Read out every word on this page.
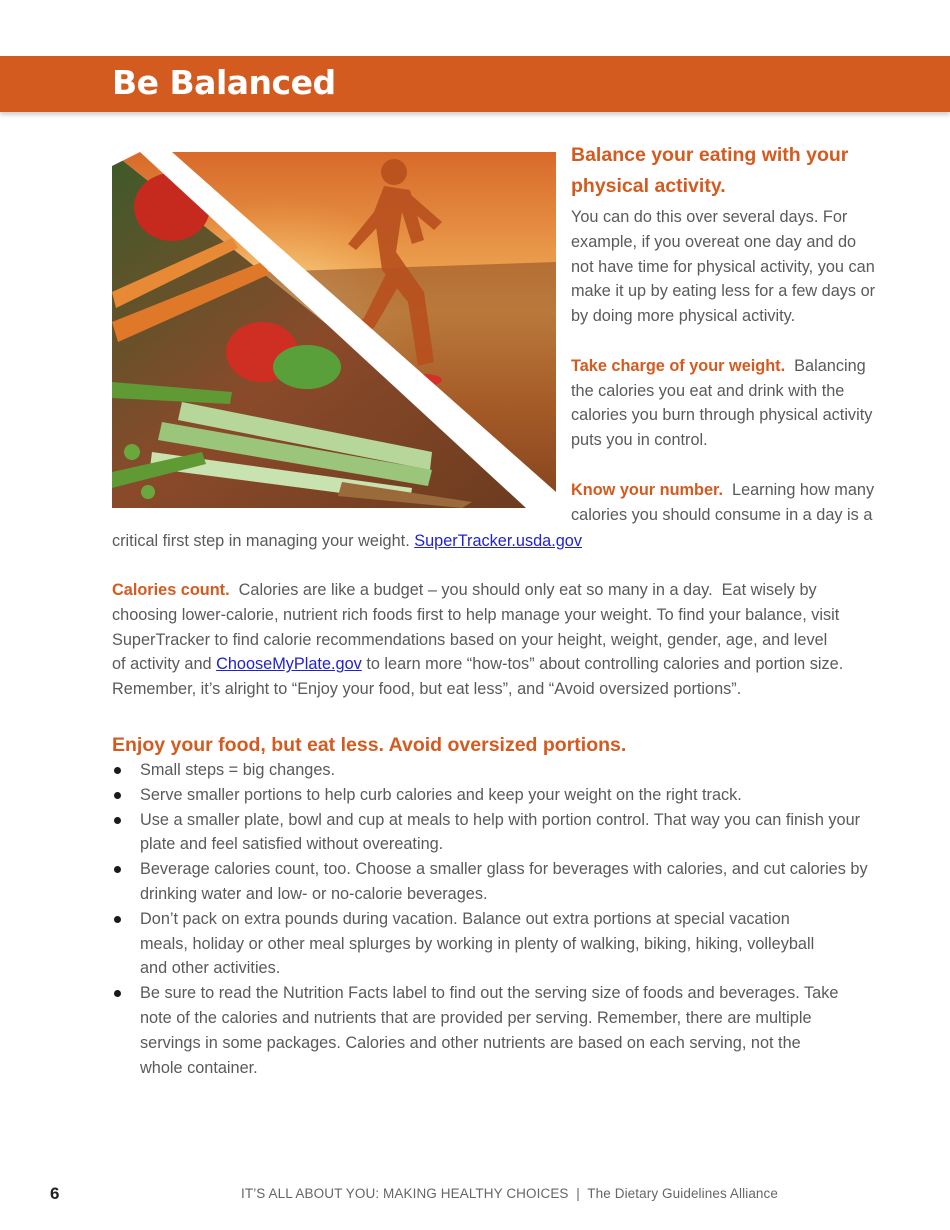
Be Balanced

Balance your eating with your
physical activity.

You can do this over several days. For
example, if you overeat one day and do
not have time for physical activity, you can
make it up by eating less for a few days or
by doing more physical activity.

Take charge of your weight.  Balancing
the calories you eat and drink with the
calories you burn through physical activity
puts you in control.

Know your number.  Learning how many
calories you should consume in a day is a

critical first step in managing your weight. SuperTracker.usda.gov

Calories count.  Calories are like a budget – you should only eat so many in a day.  Eat wisely by
choosing lower-calorie, nutrient rich foods first to help manage your weight. To find your balance, visit
SuperTracker to find calorie recommendations based on your height, weight, gender, age, and level
of activity and ChooseMyPlate.gov to learn more “how-tos” about controlling calories and portion size.
Remember, it’s alright to “Enjoy your food, but eat less”, and “Avoid oversized portions”.

Enjoy your food, but eat less. Avoid oversized portions.
Small steps = big changes.
Serve smaller portions to help curb calories and keep your weight on the right track.
Use a smaller plate, bowl and cup at meals to help with portion control. That way you can finish your
plate and feel satisfied without overeating.
Beverage calories count, too. Choose a smaller glass for beverages with calories, and cut calories by
drinking water and low- or no-calorie beverages.
Don’t pack on extra pounds during vacation. Balance out extra portions at special vacation
meals, holiday or other meal splurges by working in plenty of walking, biking, hiking, volleyball
and other activities.
Be sure to read the Nutrition Facts label to find out the serving size of foods and beverages. Take
note of the calories and nutrients that are provided per serving. Remember, there are multiple
servings in some packages. Calories and other nutrients are based on each serving, not the
whole container.
6	IT’S ALL ABOUT YOU: MAKING HEALTHY CHOICES  |  The Dietary Guidelines Alliance
